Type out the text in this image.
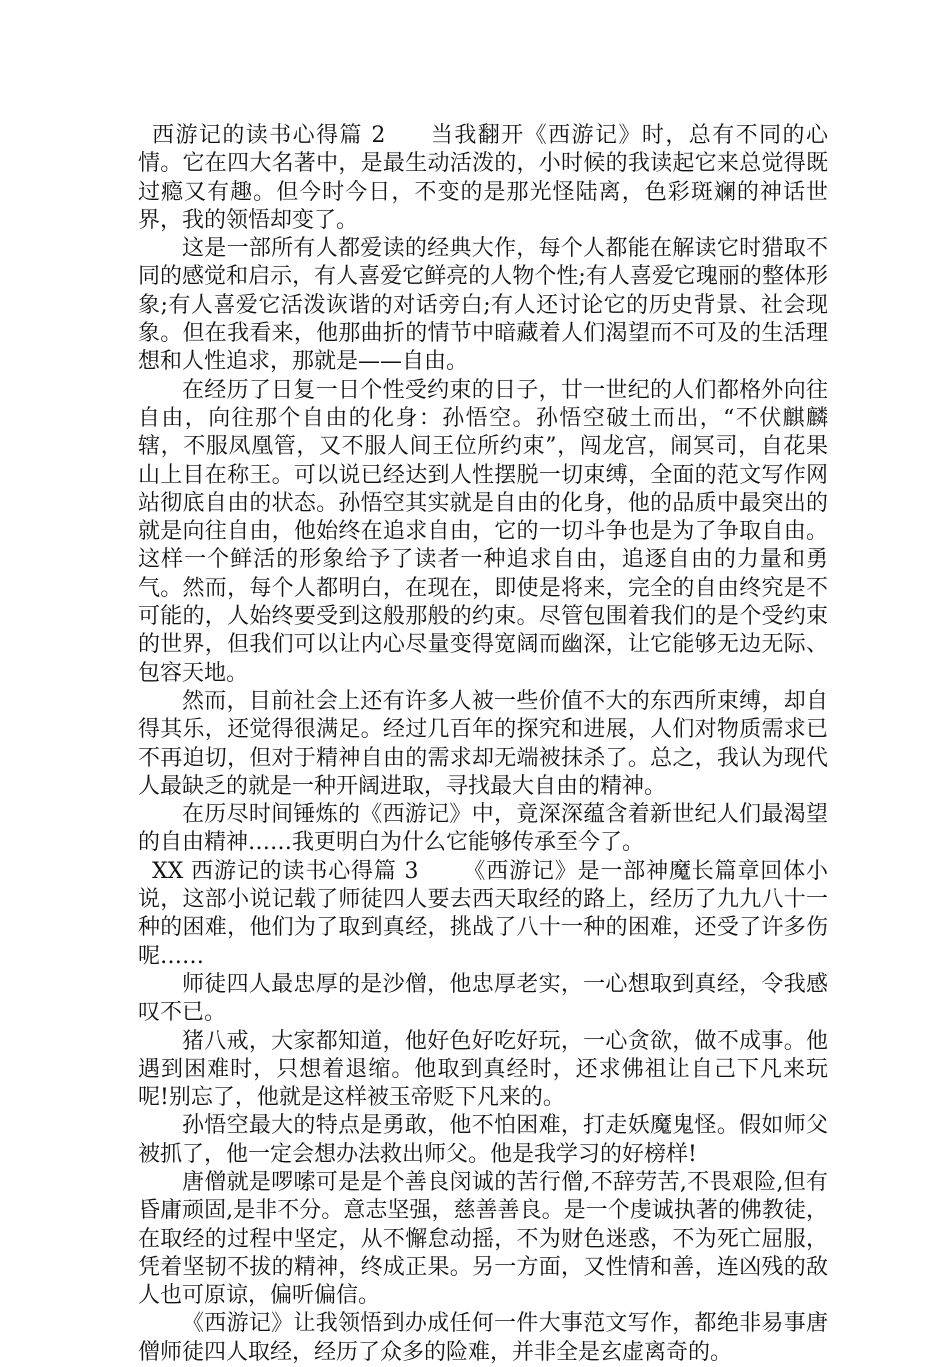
西游记的读书心得篇 2 当我翻开《西游记》时，总有不同的心情。它在四大名著中，是最生动活泼的，小时候的我读起它来总觉得既过瘾又有趣。但今时今日，不变的是那光怪陆离，色彩斑斓的神话世界，我的领悟却变了。

这是一部所有人都爱读的经典大作，每个人都能在解读它时猎取不同的感觉和启示，有人喜爱它鲜亮的人物个性;有人喜爱它瑰丽的整体形象;有人喜爱它活泼诙谐的对话旁白;有人还讨论它的历史背景、社会现象。但在我看来，他那曲折的情节中暗藏着人们渴望而不可及的生活理想和人性追求，那就是——自由。

在经历了日复一日个性受约束的日子，廿一世纪的人们都格外向往自由，向往那个自由的化身：孙悟空。孙悟空破土而出，“不伏麒麟辖，不服凤凰管，又不服人间王位所约束”，闯龙宫，闹冥司，自花果山上目在称王。可以说已经达到人性摆脱一切束缚，全面的范文写作网站彻底自由的状态。孙悟空其实就是自由的化身，他的品质中最突出的就是向往自由，他始终在追求自由，它的一切斗争也是为了争取自由。这样一个鲜活的形象给予了读者一种追求自由，追逐自由的力量和勇气。然而，每个人都明白，在现在，即使是将来，完全的自由终究是不可能的，人始终要受到这般那般的约束。尽管包围着我们的是个受约束的世界，但我们可以让内心尽量变得宽阔而幽深，让它能够无边无际、包容天地。

然而，目前社会上还有许多人被一些价值不大的东西所束缚，却自得其乐，还觉得很满足。经过几百年的探究和进展，人们对物质需求已不再迫切，但对于精神自由的需求却无端被抹杀了。总之，我认为现代人最缺乏的就是一种开阔进取，寻找最大自由的精神。

在历尽时间锤炼的《西游记》中，竟深深蕴含着新世纪人们最渴望的自由精神……我更明白为什么它能够传承至今了。

XX 西游记的读书心得篇 3 《西游记》是一部神魔长篇章回体小说，这部小说记载了师徒四人要去西天取经的路上，经历了九九八十一种的困难，他们为了取到真经，挑战了八十一种的困难，还受了许多伤呢……

师徒四人最忠厚的是沙僧，他忠厚老实，一心想取到真经，令我感叹不已。

猪八戒，大家都知道，他好色好吃好玩，一心贪欲，做不成事。他遇到困难时，只想着退缩。他取到真经时，还求佛祖让自己下凡来玩呢!别忘了，他就是这样被玉帝贬下凡来的。

孙悟空最大的特点是勇敢，他不怕困难，打走妖魔鬼怪。假如师父被抓了，他一定会想办法救出师父。他是我学习的好榜样!

唐僧就是啰嗦可是是个善良闵诚的苦行僧,不辞劳苦,不畏艰险,但有昏庸顽固,是非不分。意志坚强，慈善善良。是一个虔诚执著的佛教徒，在取经的过程中坚定，从不懈怠动摇，不为财色迷惑，不为死亡屈服，凭着坚韧不拔的精神，终成正果。另一方面，又性情和善，连凶残的敌人也可原谅，偏听偏信。

《西游记》让我领悟到办成任何一件大事范文写作，都绝非易事唐僧师徒四人取经，经历了众多的险难，并非全是玄虚离奇的。
